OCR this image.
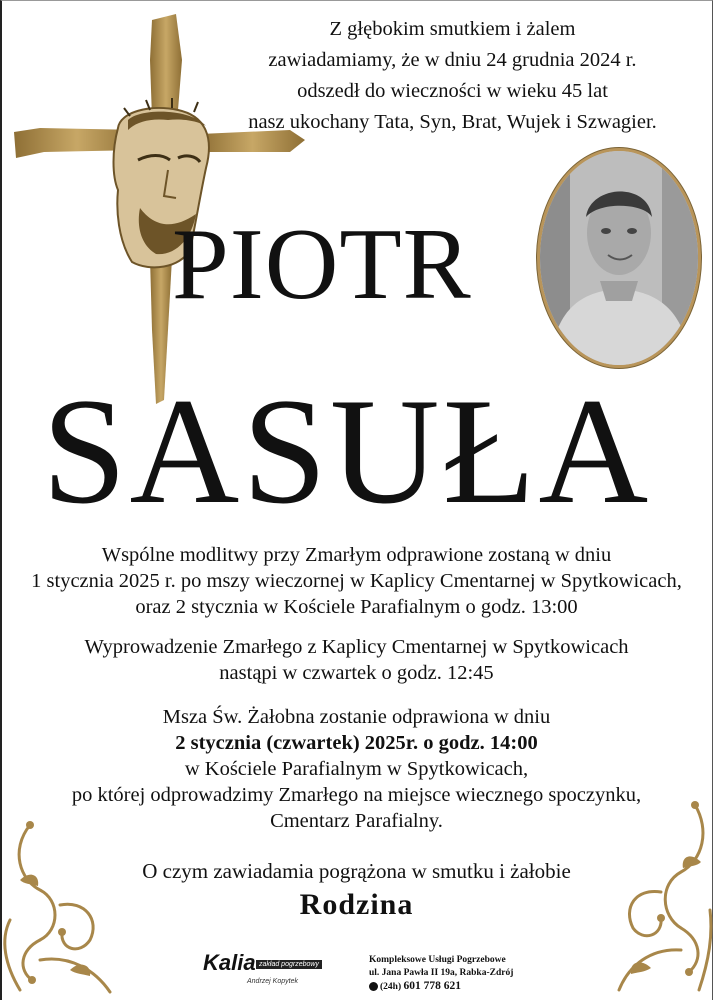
Z głębokim smutkiem i żalem
zawiadamiamy, że w dniu 24 grudnia 2024 r.
odszedł do wieczności w wieku 45 lat
nasz ukochany Tata, Syn, Brat, Wujek i Szwagier.
PIOTR
SASUŁA
Wspólne modlitwy przy Zmarłym odprawione zostaną w dniu
1 stycznia 2025 r. po mszy wieczornej w Kaplicy Cmentarnej w Spytkowicach,
oraz 2 stycznia w Kościele Parafialnym o godz. 13:00
Wyprowadzenie Zmarłego z Kaplicy Cmentarnej w Spytkowicach
nastąpi w czwartek o godz. 12:45
Msza Św. Żałobna zostanie odprawiona w dniu
2 stycznia (czwartek) 2025r. o godz. 14:00
w Kościele Parafialnym w Spytkowicach,
po której odprowadzimy Zmarłego na miejsce wiecznego spoczynku,
Cmentarz Parafialny.
O czym zawiadamia pogrążona w smutku i żałobie
Rodzina
Kalia zakład pogrzebowy
Andrzej Kopytek
Kompleksowe Usługi Pogrzebowe
ul. Jana Pawła II 19a, Rabka-Zdrój
(24h) 601 778 621
